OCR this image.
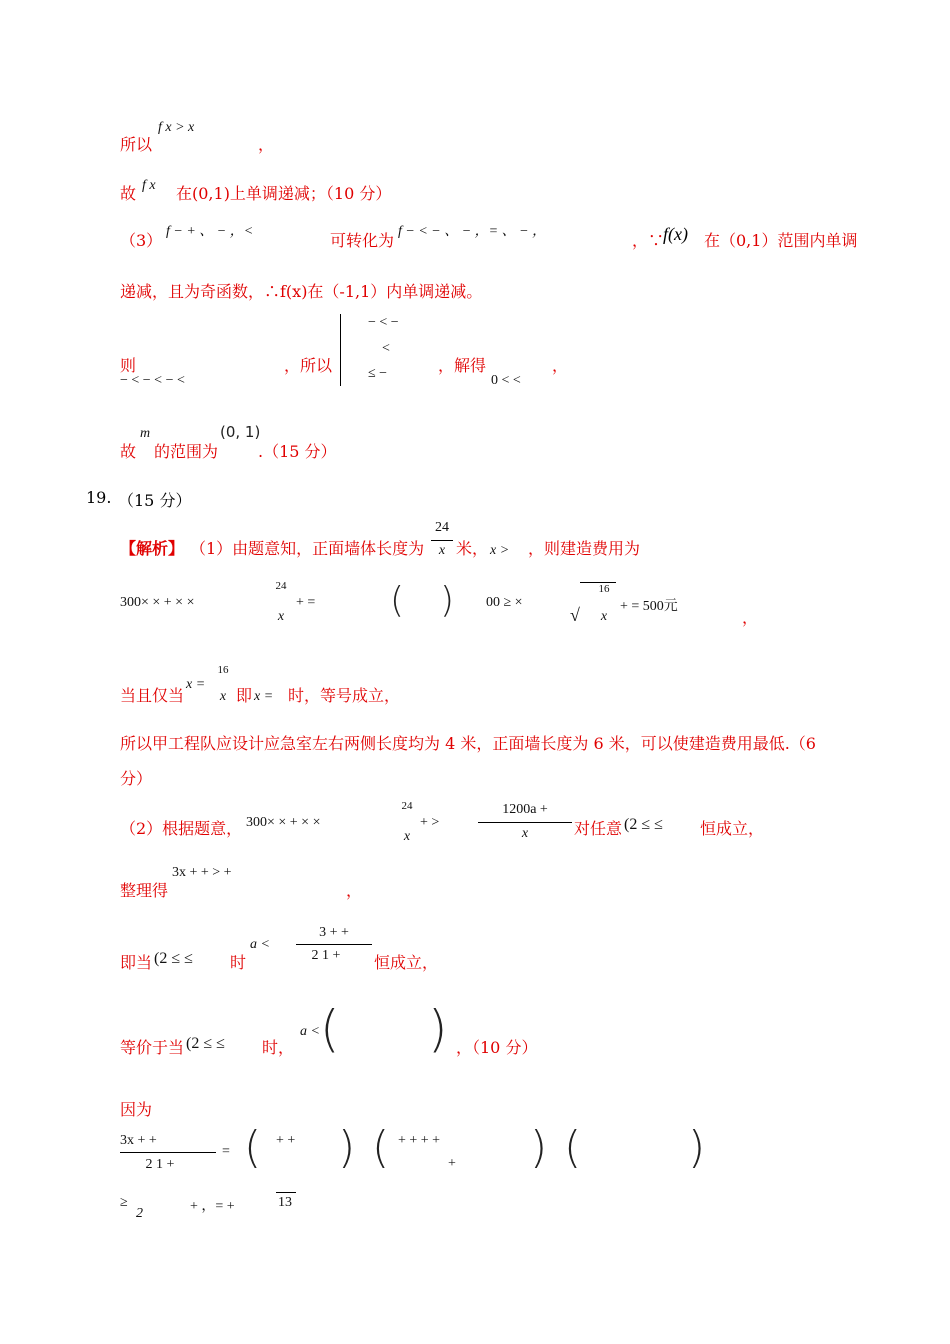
所以
f x > x
，
故 f x 在(0,1)上单调递减；（10 分）
（3） f − + 、 − ，<	可转化为 f − < − 、 − ，= 、 − ，	，∵
f(x) 在（0,1）范围内单调
递减，且为奇函数，∴f(x)在（-1,1）内单调递减。
则
− < − < − <
，所以
− < −
<
≤ −	，解得
0 < <
，
故
m
的范围为
(0, 1)
.（15 分）
19. （15 分）
【解析】 （1）由题意知，正面墙体长度为
24
x 米， x > ，则建造费用为
300× × + × ×
24
x
+ = ( ) 00 ≥ ×
√
16
x
+ = 500元
，
当且仅当
x =
16
x 即 x = 时，等号成立，
所以甲工程队应设计应急室左右两侧长度均为 4 米，正面墙长度为 6 米，可以使建造费用最低.（6
分）
（2）根据题意， 300× × + × ×
24
x
+ >
1200a +
x	对任意 (2 ≤ ≤ 恒成立，
整理得
3x + + > +
，
即当 (2 ≤ ≤ 时
a <
3 + +
2 1 +	恒成立，
等价于当 (2 ≤ ≤ 时，
a < ( ) ，（10 分）
因为
3x + +
2 1 +
= ( + + ) ( + + + +
+ ) ( )
≥
2	+ ，= +	13
